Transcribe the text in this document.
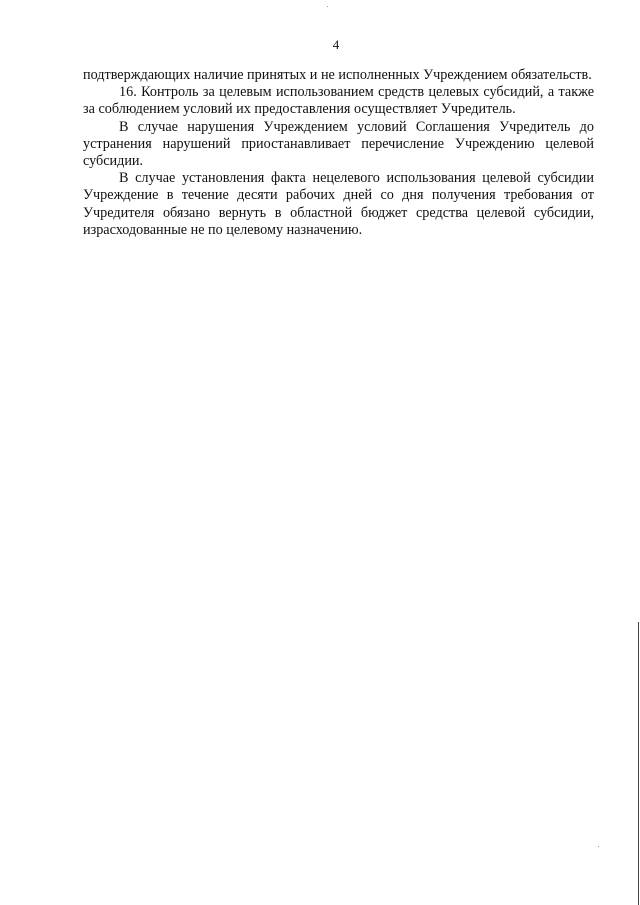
4

подтверждающих наличие принятых и не исполненных Учреждением обязательств.

16. Контроль за целевым использованием средств целевых субсидий, а также за соблюдением условий их предоставления осуществляет Учредитель.

В случае нарушения Учреждением условий Соглашения Учредитель до устранения нарушений приостанавливает перечисление Учреждению целевой субсидии.

В случае установления факта нецелевого использования целевой субсидии Учреждение в течение десяти рабочих дней со дня получения требования от Учредителя обязано вернуть в областной бюджет средства целевой субсидии, израсходованные не по целевому назначению.
